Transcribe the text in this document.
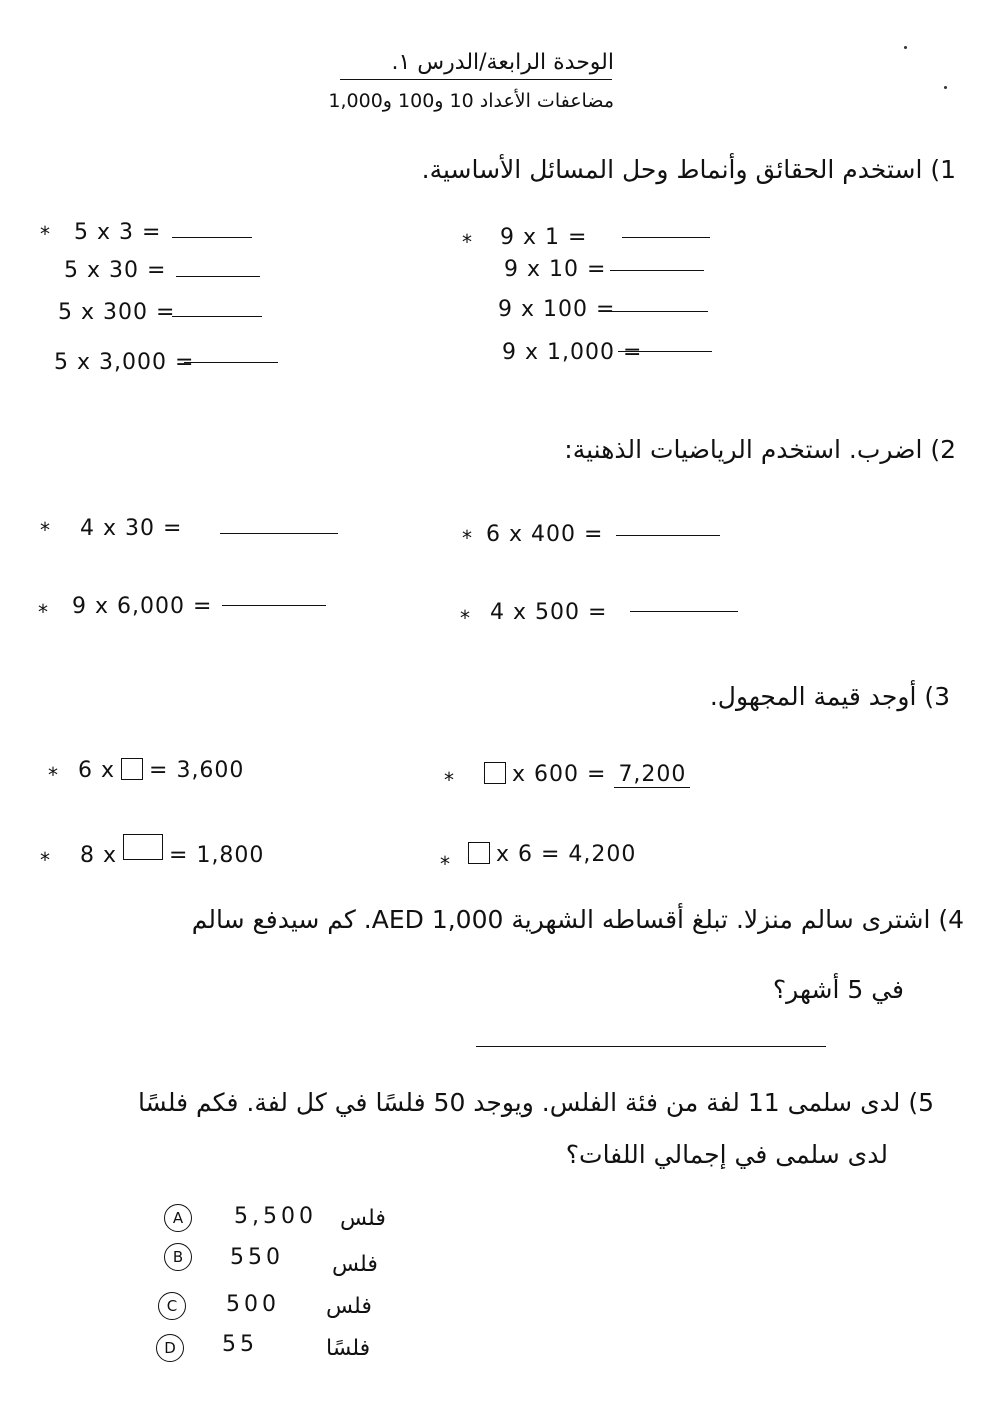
الوحدة الرابعة/الدرس ١.
مضاعفات الأعداد 10 و100 و1,000
1) استخدم الحقائق وأنماط وحل المسائل الأساسية.
* 5 x 3 =
5 x 30 =
5 x 300 =
5 x 3,000 =
* 9 x 1 =
9 x 10 =
9 x 100 =
9 x 1,000 =
2) اضرب. استخدم الرياضيات الذهنية:
* 4 x 30 =	* 6 x 400 =
* 9 x 6,000 =	* 4 x 500 =
3) أوجد قيمة المجهول.
* 6 x = 3,600	*	x 600 = 7,200
* 8 x = 1,800	*	x 6 = 4,200
4) اشترى سالم منزلا. تبلغ أقساطه الشهرية AED 1,000. كم سيدفع سالم
في 5 أشهر؟
5) لدى سلمى 11 لفة من فئة الفلس. ويوجد 50 فلسًا في كل لفة. فكم فلسًا
لدى سلمى في إجمالي اللفات؟
A	5,500 فلس
B	550 فلس
C	500 فلس
D	55	فلسًا
